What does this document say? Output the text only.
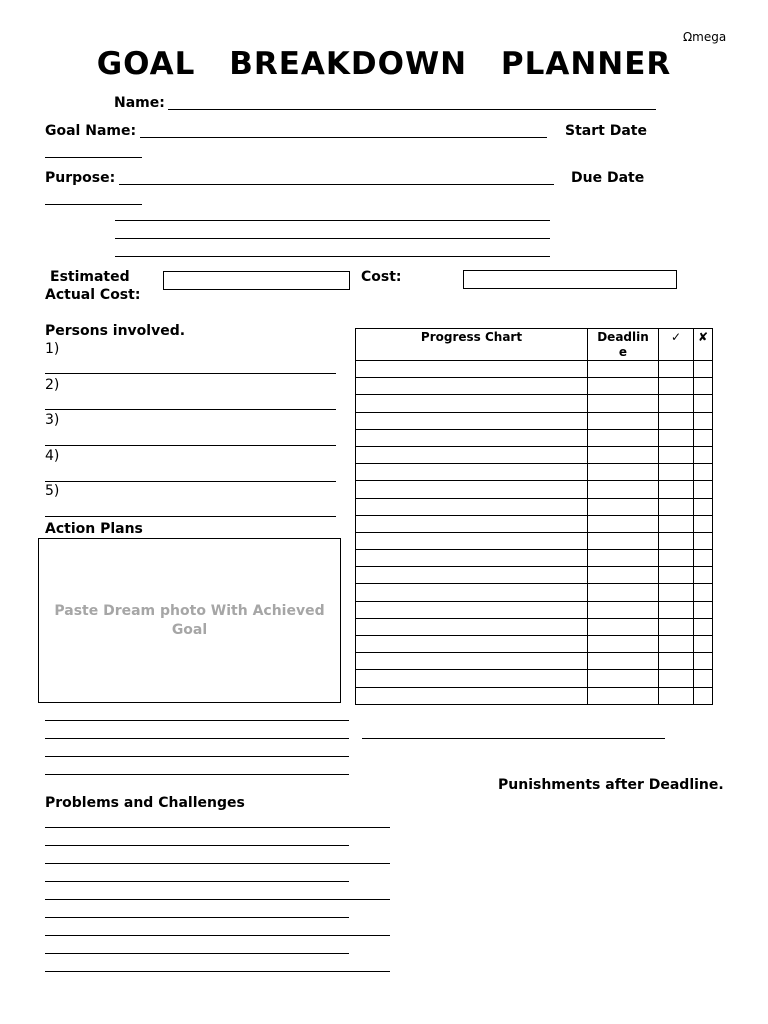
Ωmega
GOAL BREAKDOWN PLANNER
Name:
Goal Name:	Start Date
Purpose:	Due Date
Estimated
Actual Cost:
Cost:
Persons involved.
1)
2)
3)
4)
5)
Progress Chart	Deadline	✓	✘

Action Plans
Paste Dream photo With Achieved Goal
Punishments after Deadline.
Problems and Challenges
